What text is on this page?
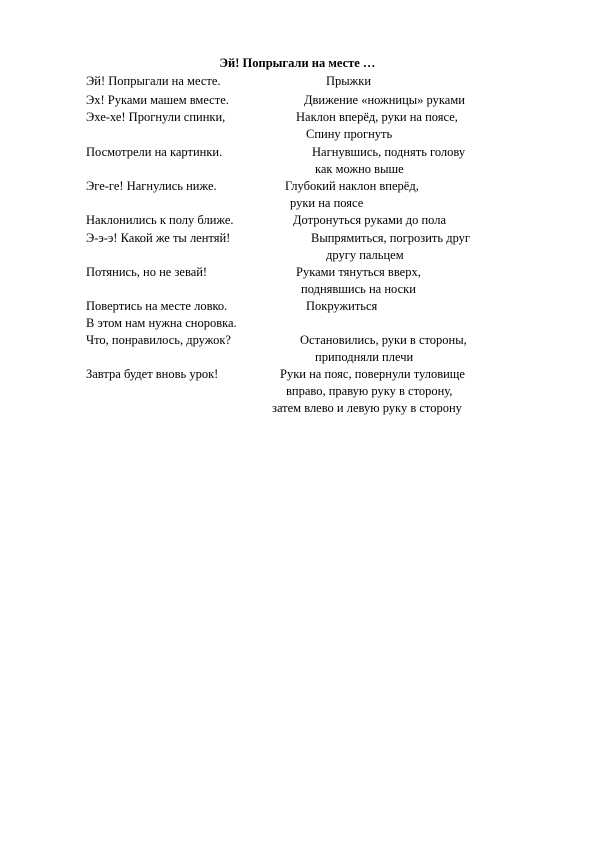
Эй! Попрыгали на месте …
Эй! Попрыгали на месте.	Прыжки
Эх! Руками машем вместе.	Движение «ножницы» руками
Эхе-хе! Прогнули спинки,	Наклон вперёд, руки на поясе,
Спину прогнуть
Посмотрели на картинки.	Нагнувшись, поднять голову
как можно выше
Эге-ге! Нагнулись ниже.	Глубокий наклон вперёд,
руки на поясе
Наклонились к полу ближе.	Дотронуться руками до пола
Э-э-э! Какой же ты лентяй!	Выпрямиться, погрозить друг
другу пальцем
Потянись, но не зевай!	Руками тянуться вверх,
поднявшись на носки
Повертись на месте ловко.	Покружиться
В этом нам нужна сноровка.
Что, понравилось, дружок?	Остановились, руки в стороны,
приподняли плечи
Завтра будет вновь урок!	Руки на пояс, повернули туловище
вправо, правую руку в сторону,
затем влево и левую руку в сторону
